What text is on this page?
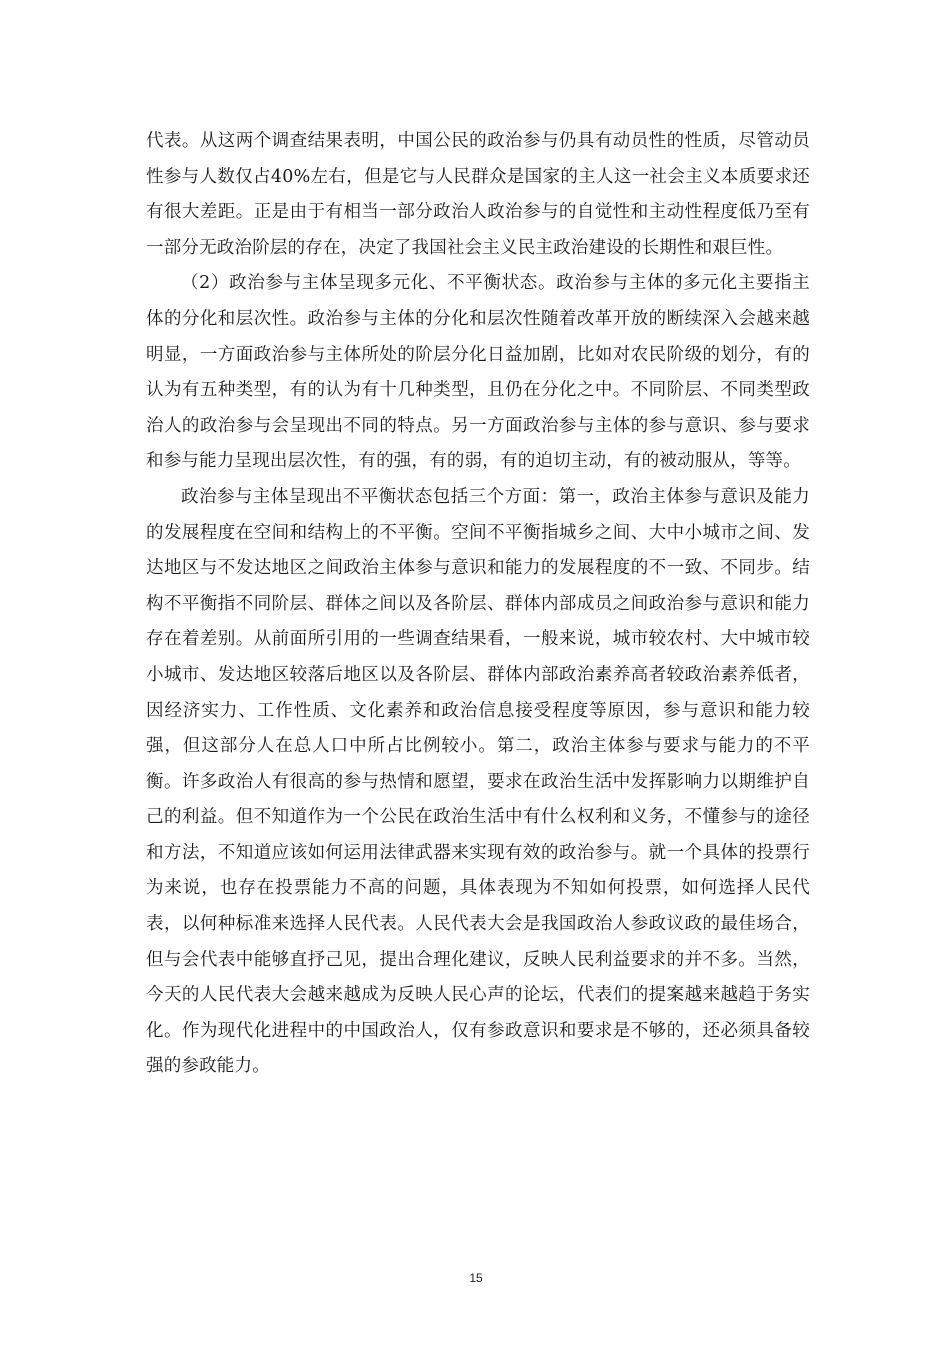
代表。从这两个调查结果表明，中国公民的政治参与仍具有动员性的性质，尽管动员性参与人数仅占40%左右，但是它与人民群众是国家的主人这一社会主义本质要求还有很大差距。正是由于有相当一部分政治人政治参与的自觉性和主动性程度低乃至有一部分无政治阶层的存在，决定了我国社会主义民主政治建设的长期性和艰巨性。

（2）政治参与主体呈现多元化、不平衡状态。政治参与主体的多元化主要指主体的分化和层次性。政治参与主体的分化和层次性随着改革开放的断续深入会越来越明显，一方面政治参与主体所处的阶层分化日益加剧，比如对农民阶级的划分，有的认为有五种类型，有的认为有十几种类型，且仍在分化之中。不同阶层、不同类型政治人的政治参与会呈现出不同的特点。另一方面政治参与主体的参与意识、参与要求和参与能力呈现出层次性，有的强，有的弱，有的迫切主动，有的被动服从，等等。

政治参与主体呈现出不平衡状态包括三个方面：第一，政治主体参与意识及能力的发展程度在空间和结构上的不平衡。空间不平衡指城乡之间、大中小城市之间、发达地区与不发达地区之间政治主体参与意识和能力的发展程度的不一致、不同步。结构不平衡指不同阶层、群体之间以及各阶层、群体内部成员之间政治参与意识和能力存在着差别。从前面所引用的一些调查结果看，一般来说，城市较农村、大中城市较小城市、发达地区较落后地区以及各阶层、群体内部政治素养高者较政治素养低者，因经济实力、工作性质、文化素养和政治信息接受程度等原因，参与意识和能力较强，但这部分人在总人口中所占比例较小。第二，政治主体参与要求与能力的不平衡。许多政治人有很高的参与热情和愿望，要求在政治生活中发挥影响力以期维护自己的利益。但不知道作为一个公民在政治生活中有什么权利和义务，不懂参与的途径和方法，不知道应该如何运用法律武器来实现有效的政治参与。就一个具体的投票行为来说，也存在投票能力不高的问题，具体表现为不知如何投票，如何选择人民代表，以何种标准来选择人民代表。人民代表大会是我国政治人参政议政的最佳场合，但与会代表中能够直抒己见，提出合理化建议，反映人民利益要求的并不多。当然，今天的人民代表大会越来越成为反映人民心声的论坛，代表们的提案越来越趋于务实化。作为现代化进程中的中国政治人，仅有参政意识和要求是不够的，还必须具备较强的参政能力。

15
